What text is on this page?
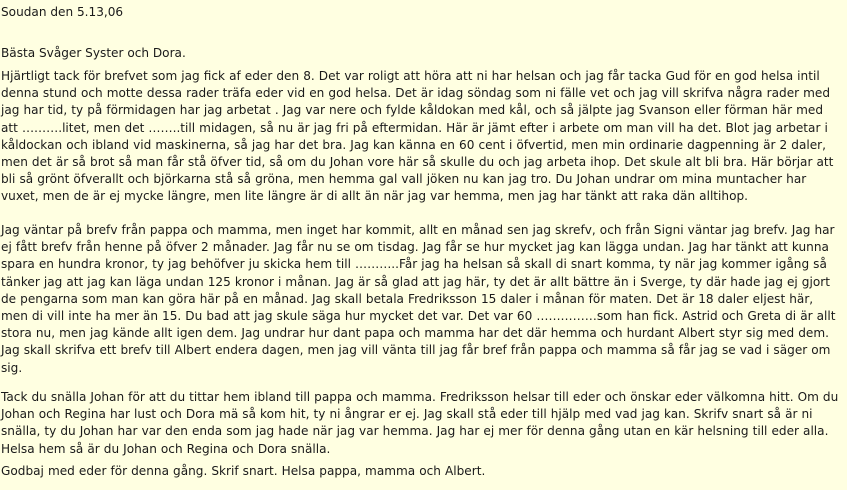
Soudan den 5.13,06

Bästa Svåger Syster och Dora.

Hjärtligt tack för brefvet som jag fick af eder den 8. Det var roligt att höra att ni har helsan och jag får tacka Gud för en god helsa intil denna stund och motte dessa rader träfa eder vid en god helsa. Det är idag söndag som ni fälle vet och jag vill skrifva några rader med jag har tid, ty på förmidagen har jag arbetat . Jag var nere och fylde kåldokan med kål, och så jälpte jag Svanson eller förman här med att ……….litet, men det ……..till midagen, så nu är jag fri på eftermidan. Här är jämt efter i arbete om man vill ha det. Blot jag arbetar i kåldockan och ibland vid maskinerna, så jag har det bra. Jag kan känna en 60 cent i öfvertid, men min ordinarie dagpenning är 2 daler, men det är så brot så man får stå öfver tid, så om du Johan vore här så skulle du och jag arbeta ihop. Det skule alt bli bra. Här börjar att bli så grönt öfverallt och björkarna stå så gröna, men hemma gal vall jöken nu kan jag tro. Du Johan undrar om mina muntacher har vuxet, men de är ej mycke längre, men lite längre är di allt än när jag var hemma, men jag har tänkt att raka dän alltihop.

Jag väntar på brefv från pappa och mamma, men inget har kommit, allt en månad sen jag skrefv, och från Signi väntar jag brefv. Jag har ej fått brefv från henne på öfver 2 månader. Jag får nu se om tisdag. Jag får se hur mycket jag kan lägga undan. Jag har tänkt att kunna spara en hundra kronor, ty jag behöfver ju skicka hem till ………..Får jag ha helsan så skall di snart komma, ty när jag kommer igång så tänker jag att jag kan läga undan 125 kronor i månan. Jag är så glad att jag här, ty det är allt bättre än i Sverge, ty där hade jag ej gjort de pengarna som man kan göra här på en månad. Jag skall betala Fredriksson 15 daler i månan för maten. Det är 18 daler eljest här, men di vill inte ha mer än 15. Du bad att jag skule säga hur mycket det var. Det var 60 ……………som han fick. Astrid och Greta di är allt stora nu, men jag kände allt igen dem. Jag undrar hur dant papa och mamma har det där hemma och hurdant Albert styr sig med dem. Jag skall skrifva ett brefv till Albert endera dagen, men jag vill vänta till jag får bref från pappa och mamma så får jag se vad i säger om sig.

Tack du snälla Johan för att du tittar hem ibland till pappa och mamma. Fredriksson helsar till eder och önskar eder välkomna hitt. Om du Johan och Regina har lust och Dora mä så kom hit, ty ni ångrar er ej. Jag skall stå eder till hjälp med vad jag kan. Skrifv snart så är ni snälla, ty du Johan har var den enda som jag hade när jag var hemma. Jag har ej mer för denna gång utan en kär helsning till eder alla. Helsa hem så är du Johan och Regina och Dora snälla.

Godbaj med eder för denna gång. Skrif snart. Helsa pappa, mamma och Albert.
